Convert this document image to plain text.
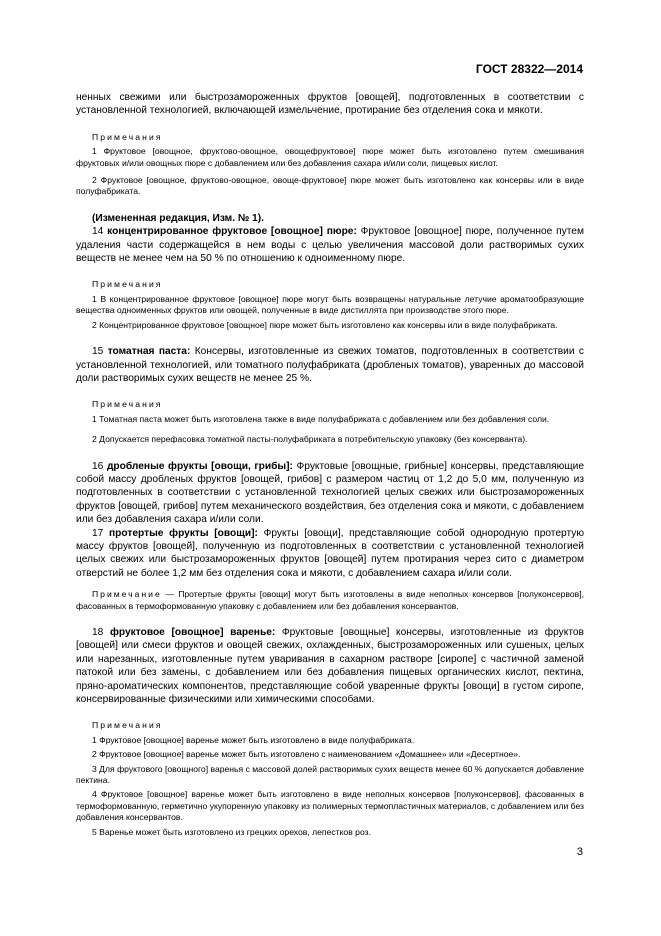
ГОСТ 28322—2014

ненных свежими или быстрозамороженных фруктов [овощей], подготовленных в соответствии с установленной технологией, включающей измельчение, протирание без отделения сока и мякоти.

Примечания

1 Фруктовое [овощное, фруктово-овощное, овощефруктовое] пюре может быть изготовлено путем смешивания фруктовых и/или овощных пюре с добавлением или без добавления сахара и/или соли, пищевых кислот.

2 Фруктовое [овощное, фруктово-овощное, овоще-фруктовое] пюре может быть изготовлено как консервы или в виде полуфабриката.

(Измененная редакция, Изм. № 1).

14 концентрированное фруктовое [овощное] пюре: Фруктовое [овощное] пюре, полученное путем удаления части содержащейся в нем воды с целью увеличения массовой доли растворимых сухих веществ не менее чем на 50 % по отношению к одноименному пюре.

Примечания

1 В концентрированное фруктовое [овощное] пюре могут быть возвращены натуральные летучие ароматообразующие вещества одноименных фруктов или овощей, полученные в виде дистиллята при производстве этого пюре.

2 Концентрированное фруктовое [овощное] пюре может быть изготовлено как консервы или в виде полуфабриката.

15 томатная паста: Консервы, изготовленные из свежих томатов, подготовленных в соответствии с установленной технологией, или томатного полуфабриката (дробленых томатов), уваренных до массовой доли растворимых сухих веществ не менее 25 %.

Примечания

1 Томатная паста может быть изготовлена также в виде полуфабриката с добавлением или без добавления соли.

2 Допускается перефасовка томатной пасты-полуфабриката в потребительскую упаковку (без консерванта).

16 дробленые фрукты [овощи, грибы]: Фруктовые [овощные, грибные] консервы, представляющие собой массу дробленых фруктов [овощей, грибов] с размером частиц от 1,2 до 5,0 мм, полученную из подготовленных в соответствии с установленной технологией целых свежих или быстрозамороженных фруктов [овощей, грибов] путем механического воздействия, без отделения сока и мякоти, с добавлением или без добавления сахара и/или соли.

17 протертые фрукты [овощи]: Фрукты [овощи], представляющие собой однородную протертую массу фруктов [овощей], полученную из подготовленных в соответствии с установленной технологией целых свежих или быстрозамороженных фруктов [овощей] путем протирания через сито с диаметром отверстий не более 1,2 мм без отделения сока и мякоти, с добавлением сахара и/или соли.

Примечание — Протертые фрукты [овощи] могут быть изготовлены в виде неполных консервов [полуконсервов], фасованных в термоформованную упаковку с добавлением или без добавления консервантов.

18 фруктовое [овощное] варенье: Фруктовые [овощные] консервы, изготовленные из фруктов [овощей] или смеси фруктов и овощей свежих, охлажденных, быстрозамороженных или сушеных, целых или нарезанных, изготовленные путем уваривания в сахарном растворе [сиропе] с частичной заменой патокой или без замены, с добавлением или без добавления пищевых органических кислот, пектина, пряно-ароматических компонентов, представляющие собой уваренные фрукты [овощи] в густом сиропе, консервированные физическими или химическими способами.

Примечания

1 Фруктовое [овощное] варенье может быть изготовлено в виде полуфабриката.

2 Фруктовое [овощное] варенье может быть изготовлено с наименованием «Домашнее» или «Десертное».

3 Для фруктового [овощного] варенья с массовой долей растворимых сухих веществ менее 60 % допускается добавление пектина.

4 Фруктовое [овощное] варенье может быть изготовлено в виде неполных консервов [полуконсервов], фасованных в термоформованную, герметично укупоренную упаковку из полимерных термопластичных материалов, с добавлением или без добавления консервантов.

5 Варенье может быть изготовлено из грецких орехов, лепестков роз.

3
